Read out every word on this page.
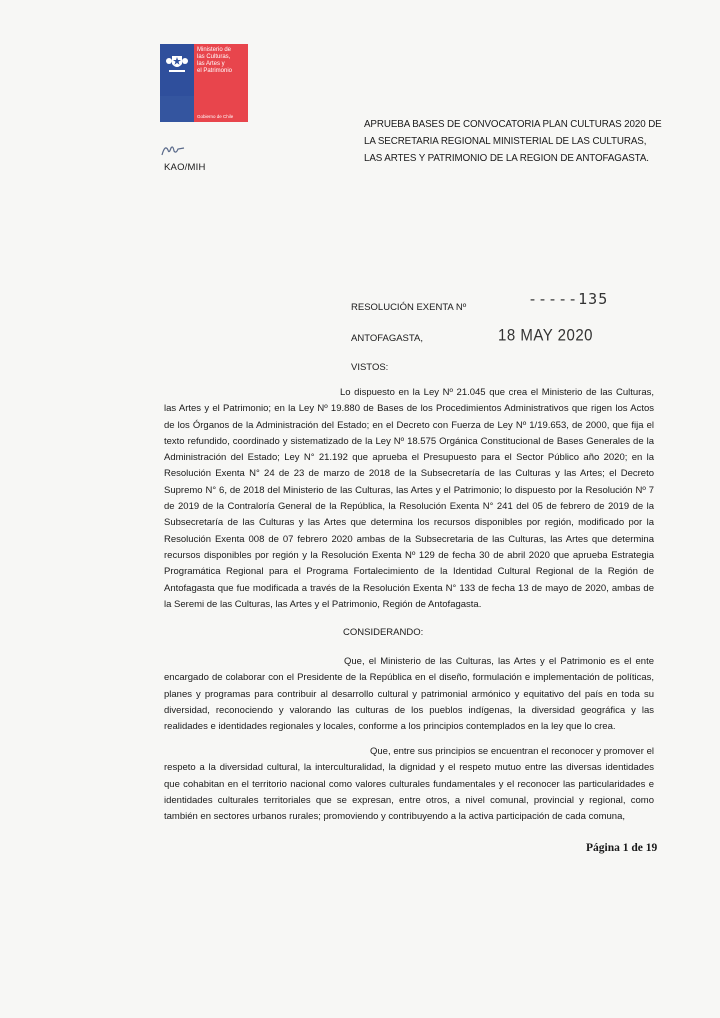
Ministerio de
las Culturas,
las Artes y
el Patrimonio
Gobierno de Chile
KAO/MIH
APRUEBA BASES DE CONVOCATORIA PLAN CULTURAS 2020 DE LA SECRETARIA REGIONAL MINISTERIAL DE LAS CULTURAS, LAS ARTES Y PATRIMONIO DE LA REGION DE ANTOFAGASTA.
RESOLUCIÓN EXENTA Nº	-----135
ANTOFAGASTA,	18 MAY 2020
VISTOS:
Lo dispuesto en la Ley Nº 21.045 que crea el Ministerio de las Culturas, las Artes y el Patrimonio; en la Ley Nº 19.880 de Bases de los Procedimientos Administrativos que rigen los Actos de los Órganos de la Administración del Estado; en el Decreto con Fuerza de Ley Nº 1/19.653, de 2000, que fija el texto refundido, coordinado y sistematizado de la Ley Nº 18.575 Orgánica Constitucional de Bases Generales de la Administración del Estado; Ley N° 21.192 que aprueba el Presupuesto para el Sector Público año 2020; en la Resolución Exenta N° 24 de 23 de marzo de 2018 de la Subsecretaría de las Culturas y las Artes; el Decreto Supremo N° 6, de 2018 del Ministerio de las Culturas, las Artes y el Patrimonio; lo dispuesto por la Resolución Nº 7 de 2019 de la Contraloría General de la República, la Resolución Exenta N° 241 del 05 de febrero de 2019 de la Subsecretaría de las Culturas y las Artes que determina los recursos disponibles por región, modificado por la Resolución Exenta 008 de 07 febrero 2020 ambas de la Subsecretaria de las Culturas, las Artes que determina recursos disponibles por región y la Resolución Exenta Nº 129 de fecha 30 de abril 2020 que aprueba Estrategia Programática Regional para el Programa Fortalecimiento de la Identidad Cultural Regional de la Región de Antofagasta que fue modificada a través de la Resolución Exenta N° 133 de fecha 13 de mayo de 2020, ambas de la Seremi de las Culturas, las Artes y el Patrimonio, Región de Antofagasta.
CONSIDERANDO:
Que, el Ministerio de las Culturas, las Artes y el Patrimonio es el ente encargado de colaborar con el Presidente de la República en el diseño, formulación e implementación de políticas, planes y programas para contribuir al desarrollo cultural y patrimonial armónico y equitativo del país en toda su diversidad, reconociendo y valorando las culturas de los pueblos indígenas, la diversidad geográfica y las realidades e identidades regionales y locales, conforme a los principios contemplados en la ley que lo crea.
Que, entre sus principios se encuentran el reconocer y promover el respeto a la diversidad cultural, la interculturalidad, la dignidad y el respeto mutuo entre las diversas identidades que cohabitan en el territorio nacional como valores culturales fundamentales y el reconocer las particularidades e identidades culturales territoriales que se expresan, entre otros, a nivel comunal, provincial y regional, como también en sectores urbanos rurales; promoviendo y contribuyendo a la activa participación de cada comuna,
Página 1 de 19
